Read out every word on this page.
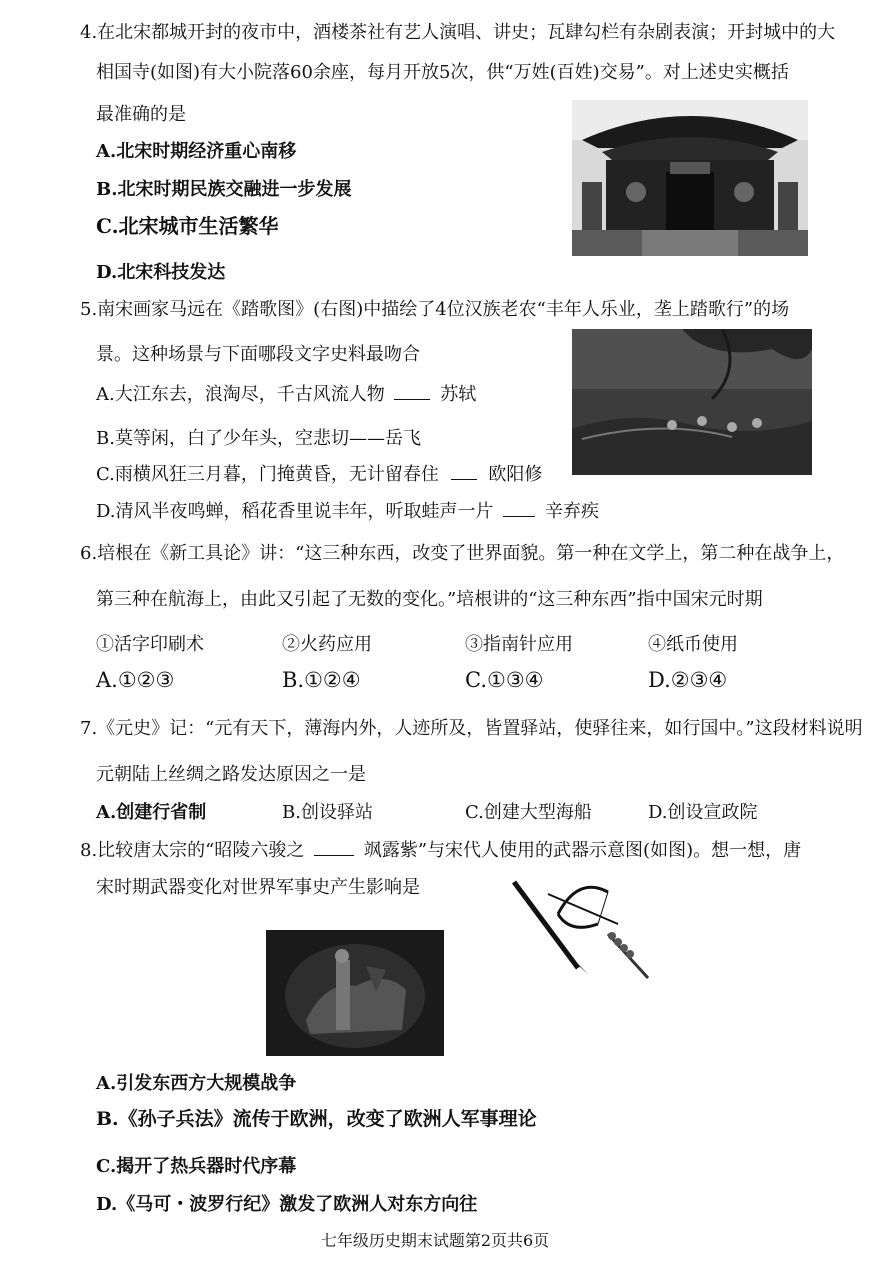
4.在北宋都城开封的夜市中，酒楼茶社有艺人演唱、讲史；瓦肆勾栏有杂剧表演；开封城中的大
相国寺(如图)有大小院落60余座，每月开放5次，供“万姓(百姓)交易”。对上述史实概括
最准确的是
A.北宋时期经济重心南移
B.北宋时期民族交融进一步发展
C.北宋城市生活繁华
D.北宋科技发达
5.南宋画家马远在《踏歌图》(右图)中描绘了4位汉族老农“丰年人乐业，垄上踏歌行”的场
景。这种场景与下面哪段文字史料最吻合
A.大江东去，浪淘尽，千古风流人物	苏轼
B.莫等闲，白了少年头，空悲切——岳飞
C.雨横风狂三月暮，门掩黄昏，无计留春住	欧阳修
D.清风半夜鸣蝉，稻花香里说丰年，听取蛙声一片	辛弃疾
6.培根在《新工具论》讲：“这三种东西，改变了世界面貌。第一种在文学上，第二种在战争上，
第三种在航海上，由此又引起了无数的变化。”培根讲的“这三种东西”指中国宋元时期
①活字印刷术	②火药应用	③指南针应用	④纸币使用
A.①②③	B.①②④	C.①③④	D.②③④
7.《元史》记：“元有天下，薄海内外，人迹所及，皆置驿站，使驿往来，如行国中。”这段材料说明
元朝陆上丝绸之路发达原因之一是
A.创建行省制	B.创设驿站	C.创建大型海船	D.创设宣政院
8.比较唐太宗的“昭陵六骏之	飒露紫”与宋代人使用的武器示意图(如图)。想一想，唐
宋时期武器变化对世界军事史产生影响是
A.引发东西方大规模战争
B.《孙子兵法》流传于欧洲，改变了欧洲人军事理论
C.揭开了热兵器时代序幕
D.《马可・波罗行纪》激发了欧洲人对东方向往
七年级历史期末试题第2页共6页
